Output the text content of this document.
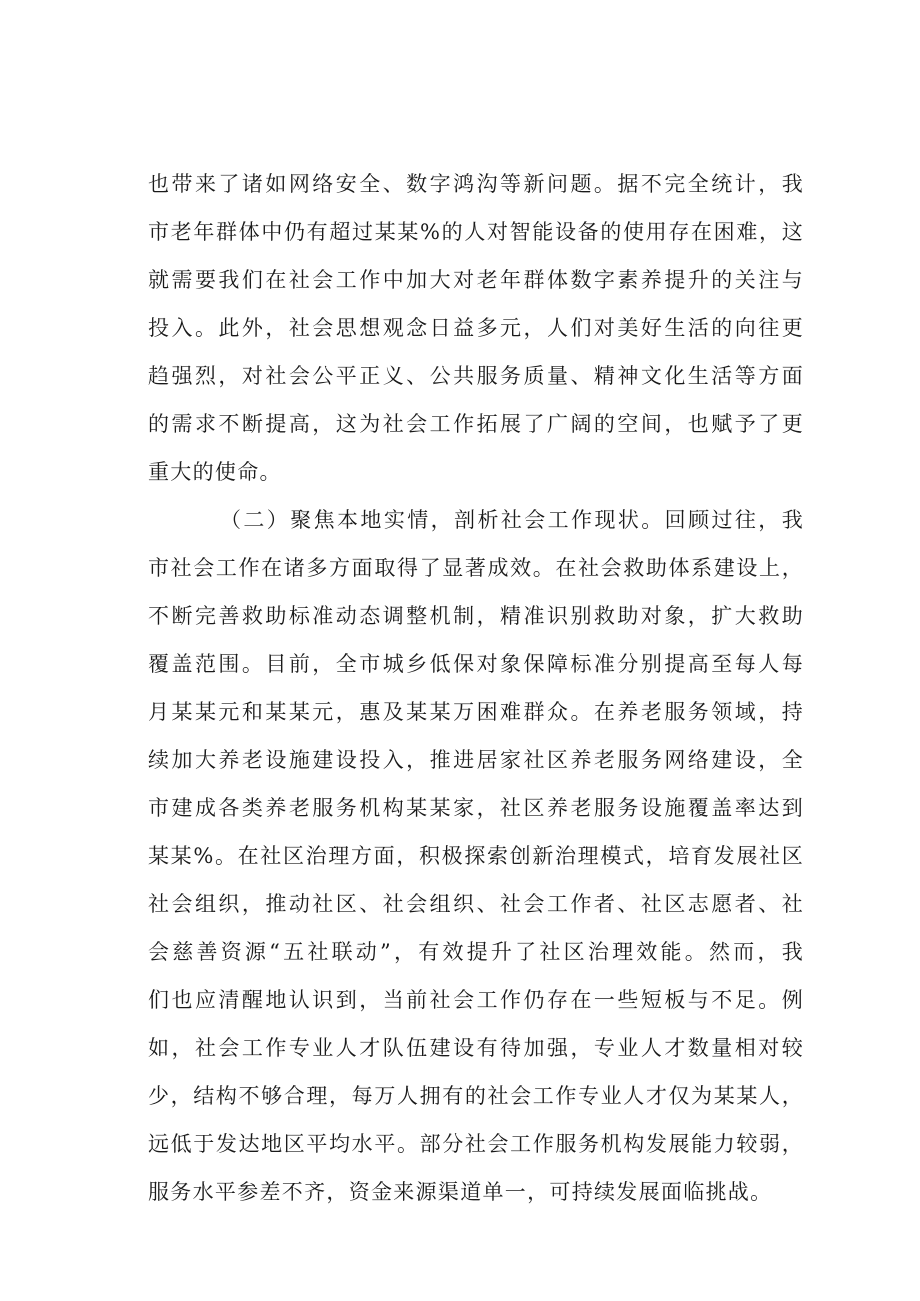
也带来了诸如网络安全、数字鸿沟等新问题。据不完全统计，我
市老年群体中仍有超过某某%的人对智能设备的使用存在困难，这
就需要我们在社会工作中加大对老年群体数字素养提升的关注与
投入。此外，社会思想观念日益多元，人们对美好生活的向往更
趋强烈，对社会公平正义、公共服务质量、精神文化生活等方面
的需求不断提高，这为社会工作拓展了广阔的空间，也赋予了更
重大的使命。
（二）聚焦本地实情，剖析社会工作现状。回顾过往，我
市社会工作在诸多方面取得了显著成效。在社会救助体系建设上，
不断完善救助标准动态调整机制，精准识别救助对象，扩大救助
覆盖范围。目前，全市城乡低保对象保障标准分别提高至每人每
月某某元和某某元，惠及某某万困难群众。在养老服务领域，持
续加大养老设施建设投入，推进居家社区养老服务网络建设，全
市建成各类养老服务机构某某家，社区养老服务设施覆盖率达到
某某%。在社区治理方面，积极探索创新治理模式，培育发展社区
社会组织，推动社区、社会组织、社会工作者、社区志愿者、社
会慈善资源“五社联动”，有效提升了社区治理效能。然而，我
们也应清醒地认识到，当前社会工作仍存在一些短板与不足。例
如，社会工作专业人才队伍建设有待加强，专业人才数量相对较
少，结构不够合理，每万人拥有的社会工作专业人才仅为某某人，
远低于发达地区平均水平。部分社会工作服务机构发展能力较弱，
服务水平参差不齐，资金来源渠道单一，可持续发展面临挑战。
